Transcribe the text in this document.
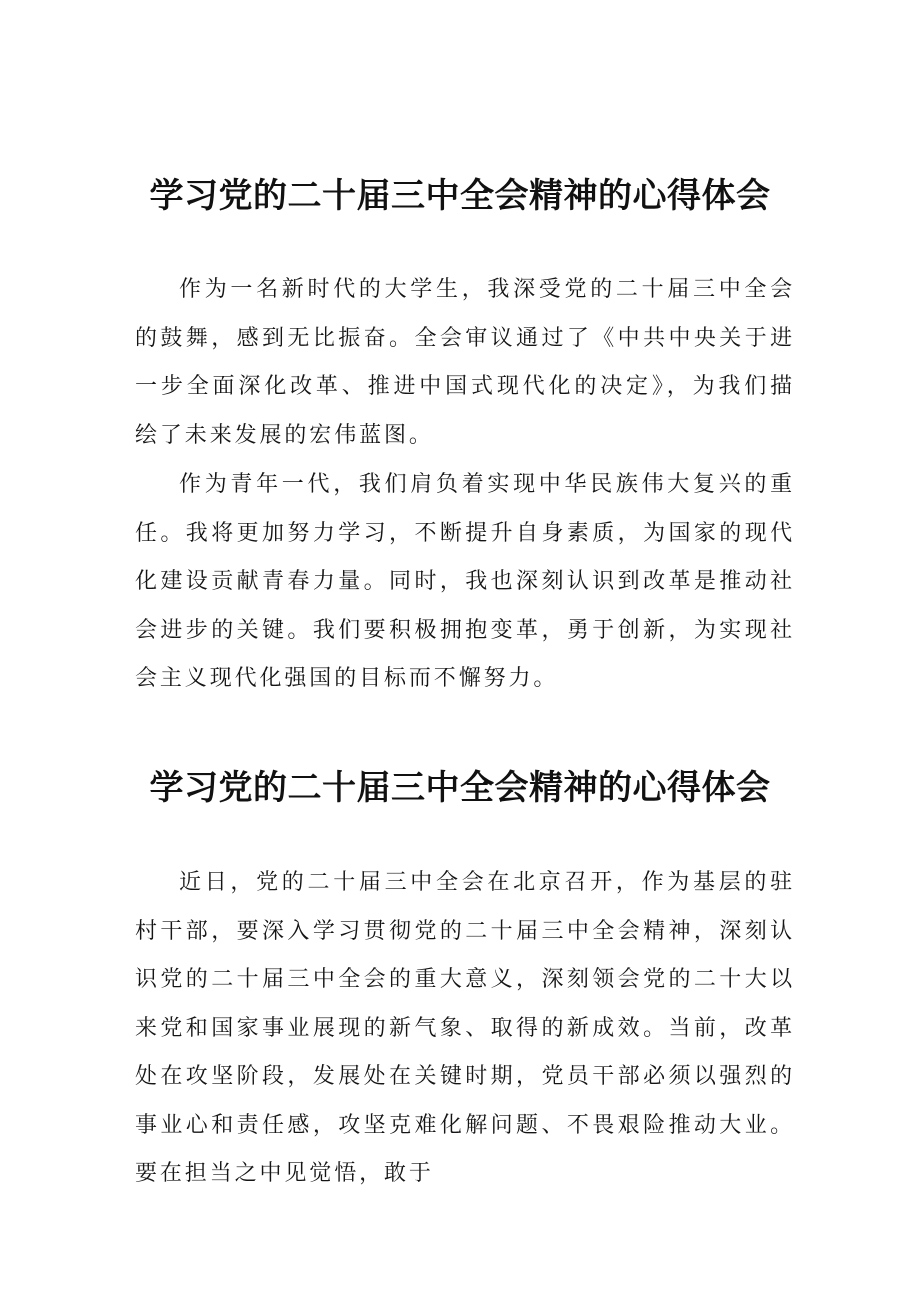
学习党的二十届三中全会精神的心得体会

作为一名新时代的大学生，我深受党的二十届三中全会的鼓舞，感到无比振奋。全会审议通过了《中共中央关于进一步全面深化改革、推进中国式现代化的决定》，为我们描绘了未来发展的宏伟蓝图。

作为青年一代，我们肩负着实现中华民族伟大复兴的重任。我将更加努力学习，不断提升自身素质，为国家的现代化建设贡献青春力量。同时，我也深刻认识到改革是推动社会进步的关键。我们要积极拥抱变革，勇于创新，为实现社会主义现代化强国的目标而不懈努力。

学习党的二十届三中全会精神的心得体会

近日，党的二十届三中全会在北京召开，作为基层的驻村干部，要深入学习贯彻党的二十届三中全会精神，深刻认识党的二十届三中全会的重大意义，深刻领会党的二十大以来党和国家事业展现的新气象、取得的新成效。当前，改革处在攻坚阶段，发展处在关键时期，党员干部必须以强烈的事业心和责任感，攻坚克难化解问题、不畏艰险推动大业。要在担当之中见觉悟，敢于
